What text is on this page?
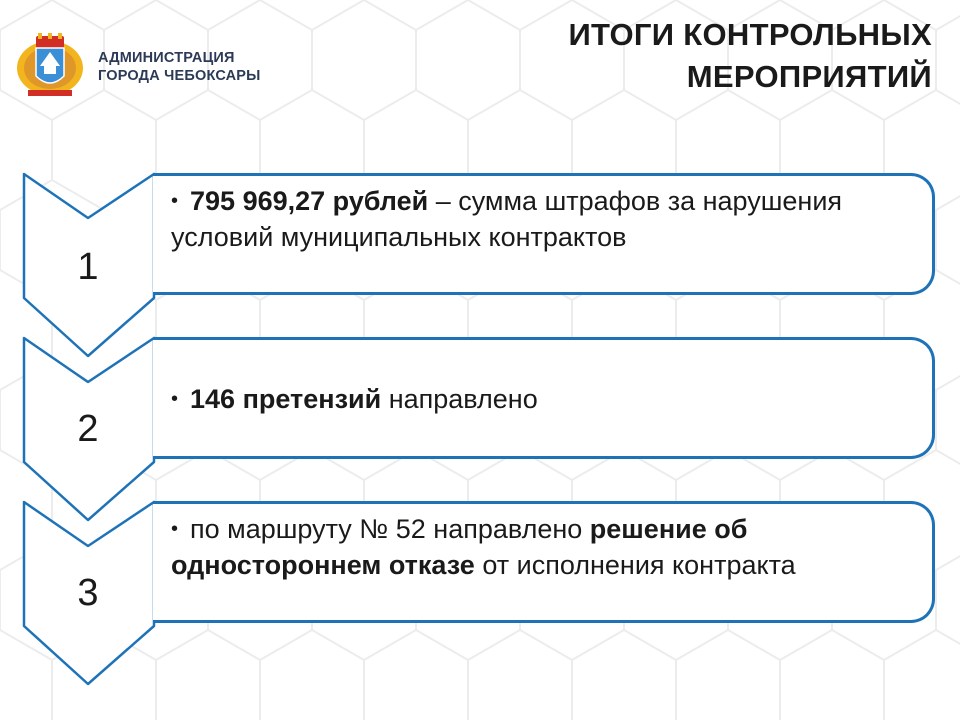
АДМИНИСТРАЦИЯ
ГОРОДА ЧЕБОКСАРЫ
ИТОГИ КОНТРОЛЬНЫХ
МЕРОПРИЯТИЙ
1
• 795 969,27 рублей – сумма штрафов за нарушения условий муниципальных контрактов
2
• 146 претензий направлено
3
• по маршруту № 52 направлено решение об одностороннем отказе от исполнения контракта
